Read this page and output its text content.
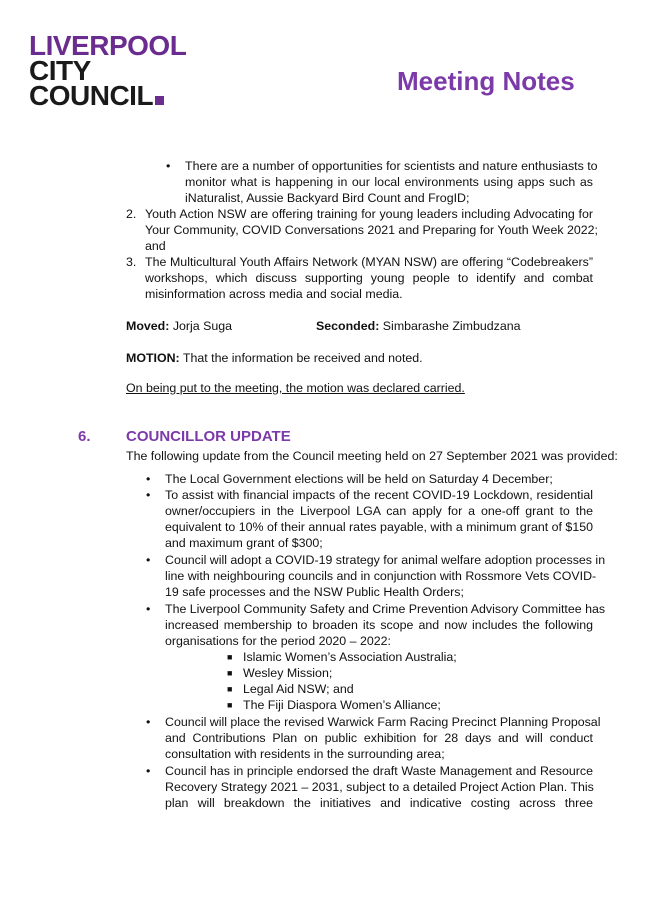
LIVERPOOL
CITY
COUNCIL	Meeting Notes
• There are a number of opportunities for scientists and nature enthusiasts to
monitor what is happening in our local environments using apps such as
iNaturalist, Aussie Backyard Bird Count and FrogID;
2. Youth Action NSW are offering training for young leaders including Advocating for
Your Community, COVID Conversations 2021 and Preparing for Youth Week 2022;
and
3. The Multicultural Youth Affairs Network (MYAN NSW) are offering “Codebreakers”
workshops, which discuss supporting young people to identify and combat
misinformation across media and social media.
Moved: Jorja Suga	Seconded: Simbarashe Zimbudzana
MOTION: That the information be received and noted.
On being put to the meeting, the motion was declared carried.
6. COUNCILLOR UPDATE
The following update from the Council meeting held on 27 September 2021 was provided:
• The Local Government elections will be held on Saturday 4 December;
• To assist with financial impacts of the recent COVID-19 Lockdown, residential
owner/occupiers in the Liverpool LGA can apply for a one-off grant to the
equivalent to 10% of their annual rates payable, with a minimum grant of $150
and maximum grant of $300;
• Council will adopt a COVID-19 strategy for animal welfare adoption processes in
line with neighbouring councils and in conjunction with Rossmore Vets COVID-
19 safe processes and the NSW Public Health Orders;
• The Liverpool Community Safety and Crime Prevention Advisory Committee has
increased membership to broaden its scope and now includes the following
organisations for the period 2020 – 2022:
■ Islamic Women’s Association Australia;
■ Wesley Mission;
■ Legal Aid NSW; and
■ The Fiji Diaspora Women’s Alliance;
• Council will place the revised Warwick Farm Racing Precinct Planning Proposal
and Contributions Plan on public exhibition for 28 days and will conduct
consultation with residents in the surrounding area;
• Council has in principle endorsed the draft Waste Management and Resource
Recovery Strategy 2021 – 2031, subject to a detailed Project Action Plan. This
plan will breakdown the initiatives and indicative costing across three
